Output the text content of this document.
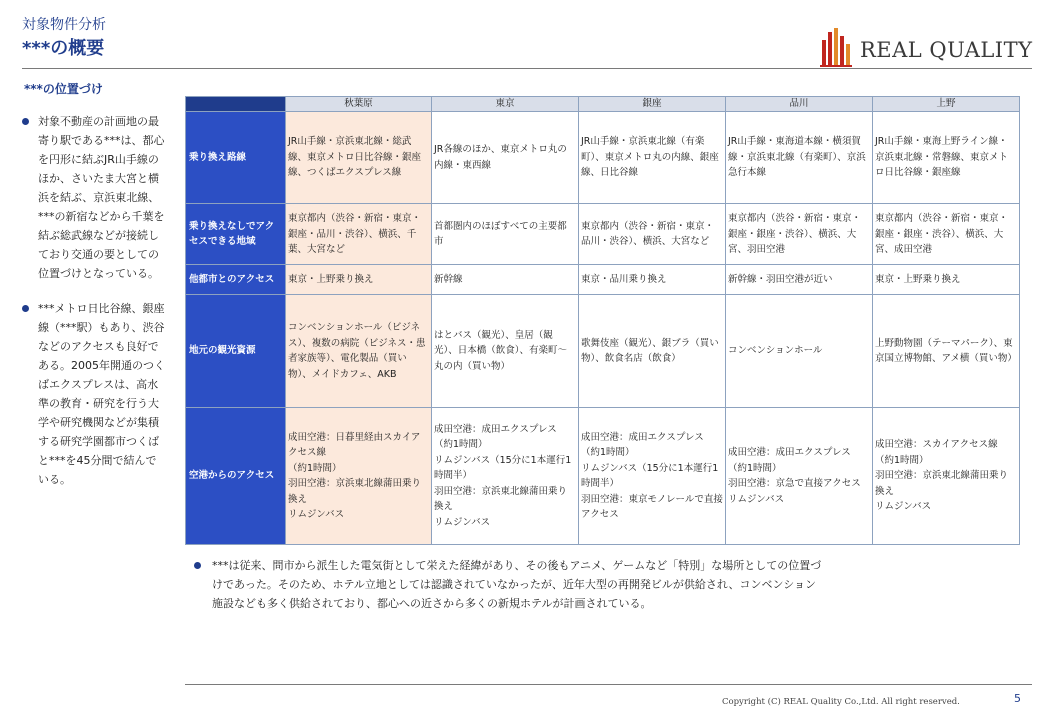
対象物件分析
***の概要	REAL QUALITY
***の位置づけ
対象不動産の計画地の最寄り駅である***は、都心を円形に結ぶJR山手線のほか、さいたま大宮と横浜を結ぶ、京浜東北線、***の新宿などから千葉を結ぶ総武線などが接続しており交通の要としての位置づけとなっている。
***メトロ日比谷線、銀座線（***駅）もあり、渋谷などのアクセスも良好である。2005年開通のつくばエクスプレスは、高水準の教育・研究を行う大学や研究機関などが集積する研究学園都市つくばと***を45分間で結んでいる。
	秋葉原	東京	銀座	品川	上野
乗り換え路線	JR山手線・京浜東北線・総武線、東京メトロ日比谷線・銀座線、つくばエクスプレス線	JR各線のほか、東京メトロ丸の内線・東西線	JR山手線・京浜東北線（有楽町）、東京メトロ丸の内線、銀座線、日比谷線	JR山手線・東海道本線・横須賀線・京浜東北線（有楽町）、京浜急行本線	JR山手線・東海上野ライン線・京浜東北線・常磐線、東京メトロ日比谷線・銀座線
乗り換えなしでアクセスできる地域	東京都内（渋谷・新宿・東京・銀座・品川・渋谷）、横浜、千葉、大宮など	首都圏内のほぼすべての主要都市	東京都内（渋谷・新宿・東京・品川・渋谷）、横浜、大宮など	東京都内（渋谷・新宿・東京・銀座・銀座・渋谷）、横浜、大宮、羽田空港	東京都内（渋谷・新宿・東京・銀座・銀座・渋谷）、横浜、大宮、成田空港
他都市とのアクセス	東京・上野乗り換え	新幹線	東京・品川乗り換え	新幹線・羽田空港が近い	東京・上野乗り換え
地元の観光資源	コンベンションホール（ビジネス）、複数の病院（ビジネス・患者家族等）、電化製品（買い物）、メイドカフェ、AKB	はとバス（観光）、皇居（観光）、日本橋（飲食）、有楽町～丸の内（買い物）	歌舞伎座（観光）、銀ブラ（買い物）、飲食名店（飲食）	コンベンションホール	上野動物園（テーマパーク）、東京国立博物館、アメ横（買い物）
空港からのアクセス	成田空港：日暮里経由スカイアクセス線
（約1時間）
羽田空港：京浜東北線蒲田乗り換え
リムジンバス	成田空港：成田エクスプレス
（約1時間）
リムジンバス（15分に1本運行1時間半）
羽田空港：京浜東北線蒲田乗り換え
リムジンバス	成田空港：成田エクスプレス
（約1時間）
リムジンバス（15分に1本運行1時間半）
羽田空港：東京モノレールで直接アクセス	成田空港：成田エクスプレス
（約1時間）
羽田空港：京急で直接アクセス
リムジンバス	成田空港：スカイアクセス線
（約1時間）
羽田空港：京浜東北線蒲田乗り換え
リムジンバス
***は従来、問市から派生した電気街として栄えた経緯があり、その後もアニメ、ゲームなど「特別」な場所としての位置づけであった。そのため、ホテル立地としては認識されていなかったが、近年大型の再開発ビルが供給され、コンベンション施設なども多く供給されており、都心への近さから多くの新規ホテルが計画されている。
Copyright (C) REAL Quality Co.,Ltd. All right reserved.	5
